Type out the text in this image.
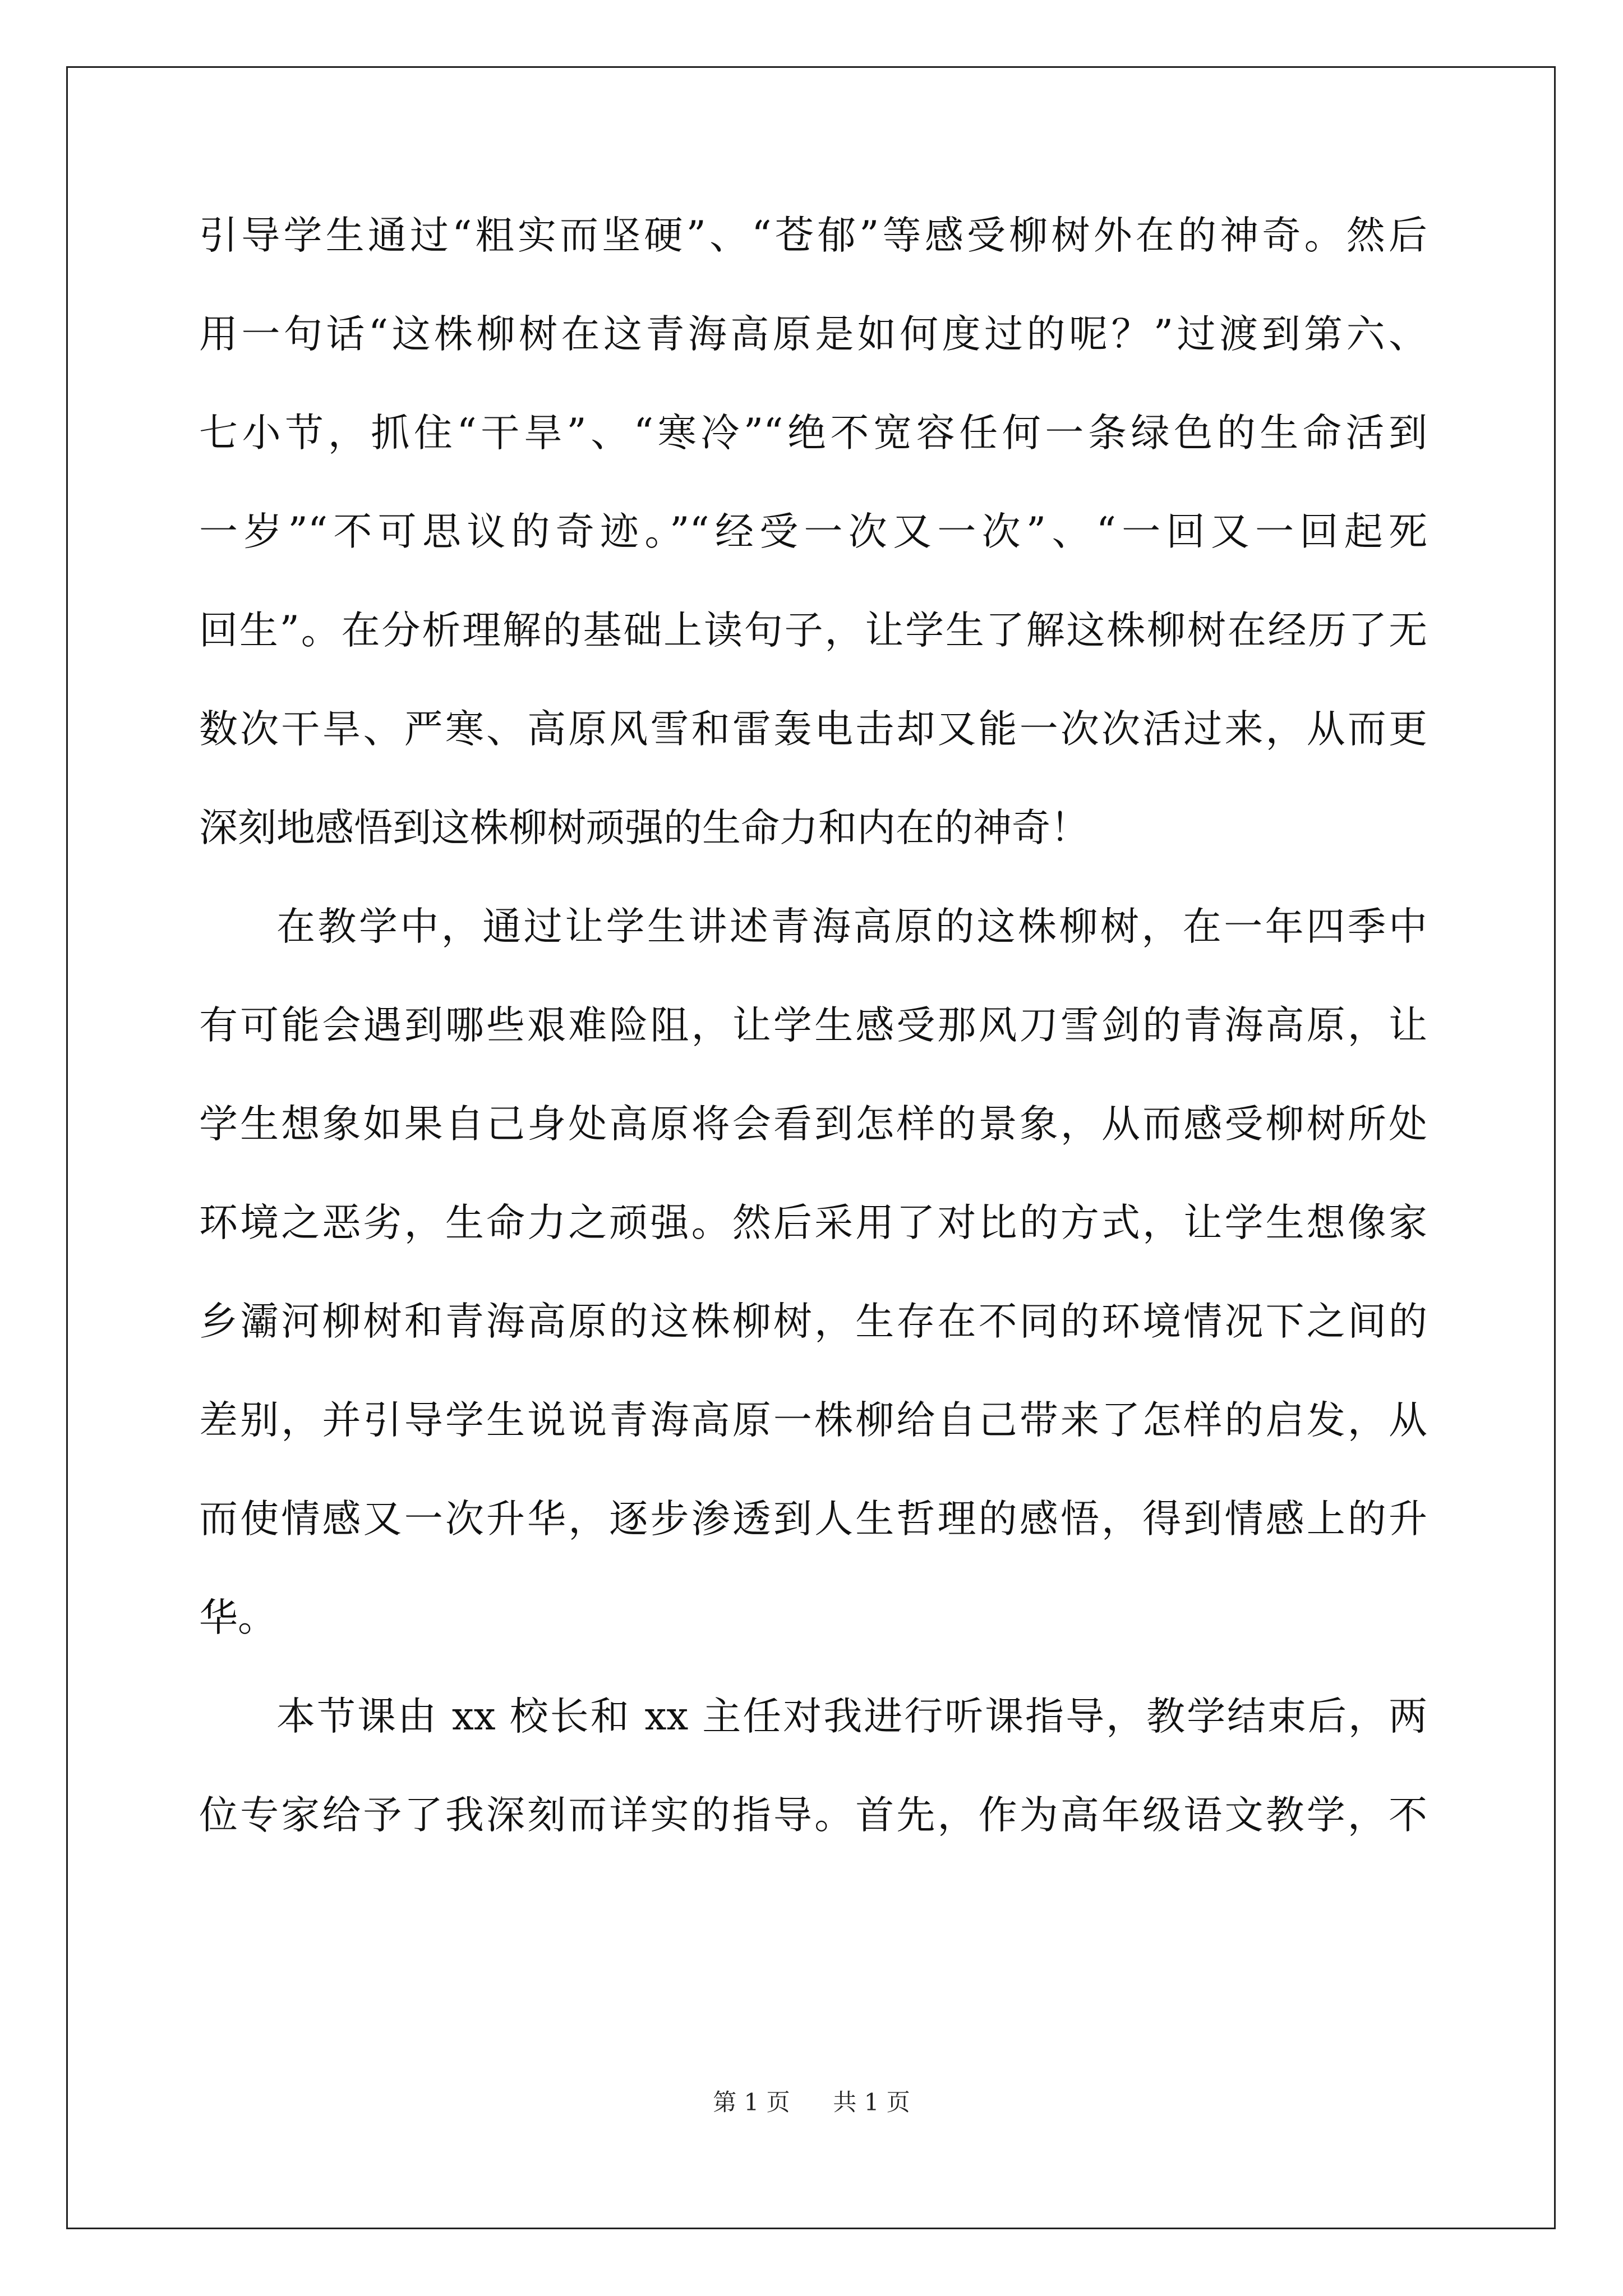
引导学生通过“粗实而坚硬”、“苍郁”等感受柳树外在的神奇。然后
用一句话“这株柳树在这青海高原是如何度过的呢？”过渡到第六、
七小节，抓住“干旱”、“寒冷”“绝不宽容任何一条绿色的生命活到
一岁”“不可思议的奇迹。”“经受一次又一次”、“一回又一回起死
回生”。在分析理解的基础上读句子，让学生了解这株柳树在经历了无
数次干旱、严寒、高原风雪和雷轰电击却又能一次次活过来，从而更
深刻地感悟到这株柳树顽强的生命力和内在的神奇！
在教学中，通过让学生讲述青海高原的这株柳树，在一年四季中
有可能会遇到哪些艰难险阻，让学生感受那风刀雪剑的青海高原，让
学生想象如果自己身处高原将会看到怎样的景象，从而感受柳树所处
环境之恶劣，生命力之顽强。然后采用了对比的方式，让学生想像家
乡灞河柳树和青海高原的这株柳树，生存在不同的环境情况下之间的
差别，并引导学生说说青海高原一株柳给自己带来了怎样的启发，从
而使情感又一次升华，逐步渗透到人生哲理的感悟，得到情感上的升
华。
本节课由 xx 校长和 xx 主任对我进行听课指导，教学结束后，两
位专家给予了我深刻而详实的指导。首先，作为高年级语文教学，不
第 1 页 共 1 页
